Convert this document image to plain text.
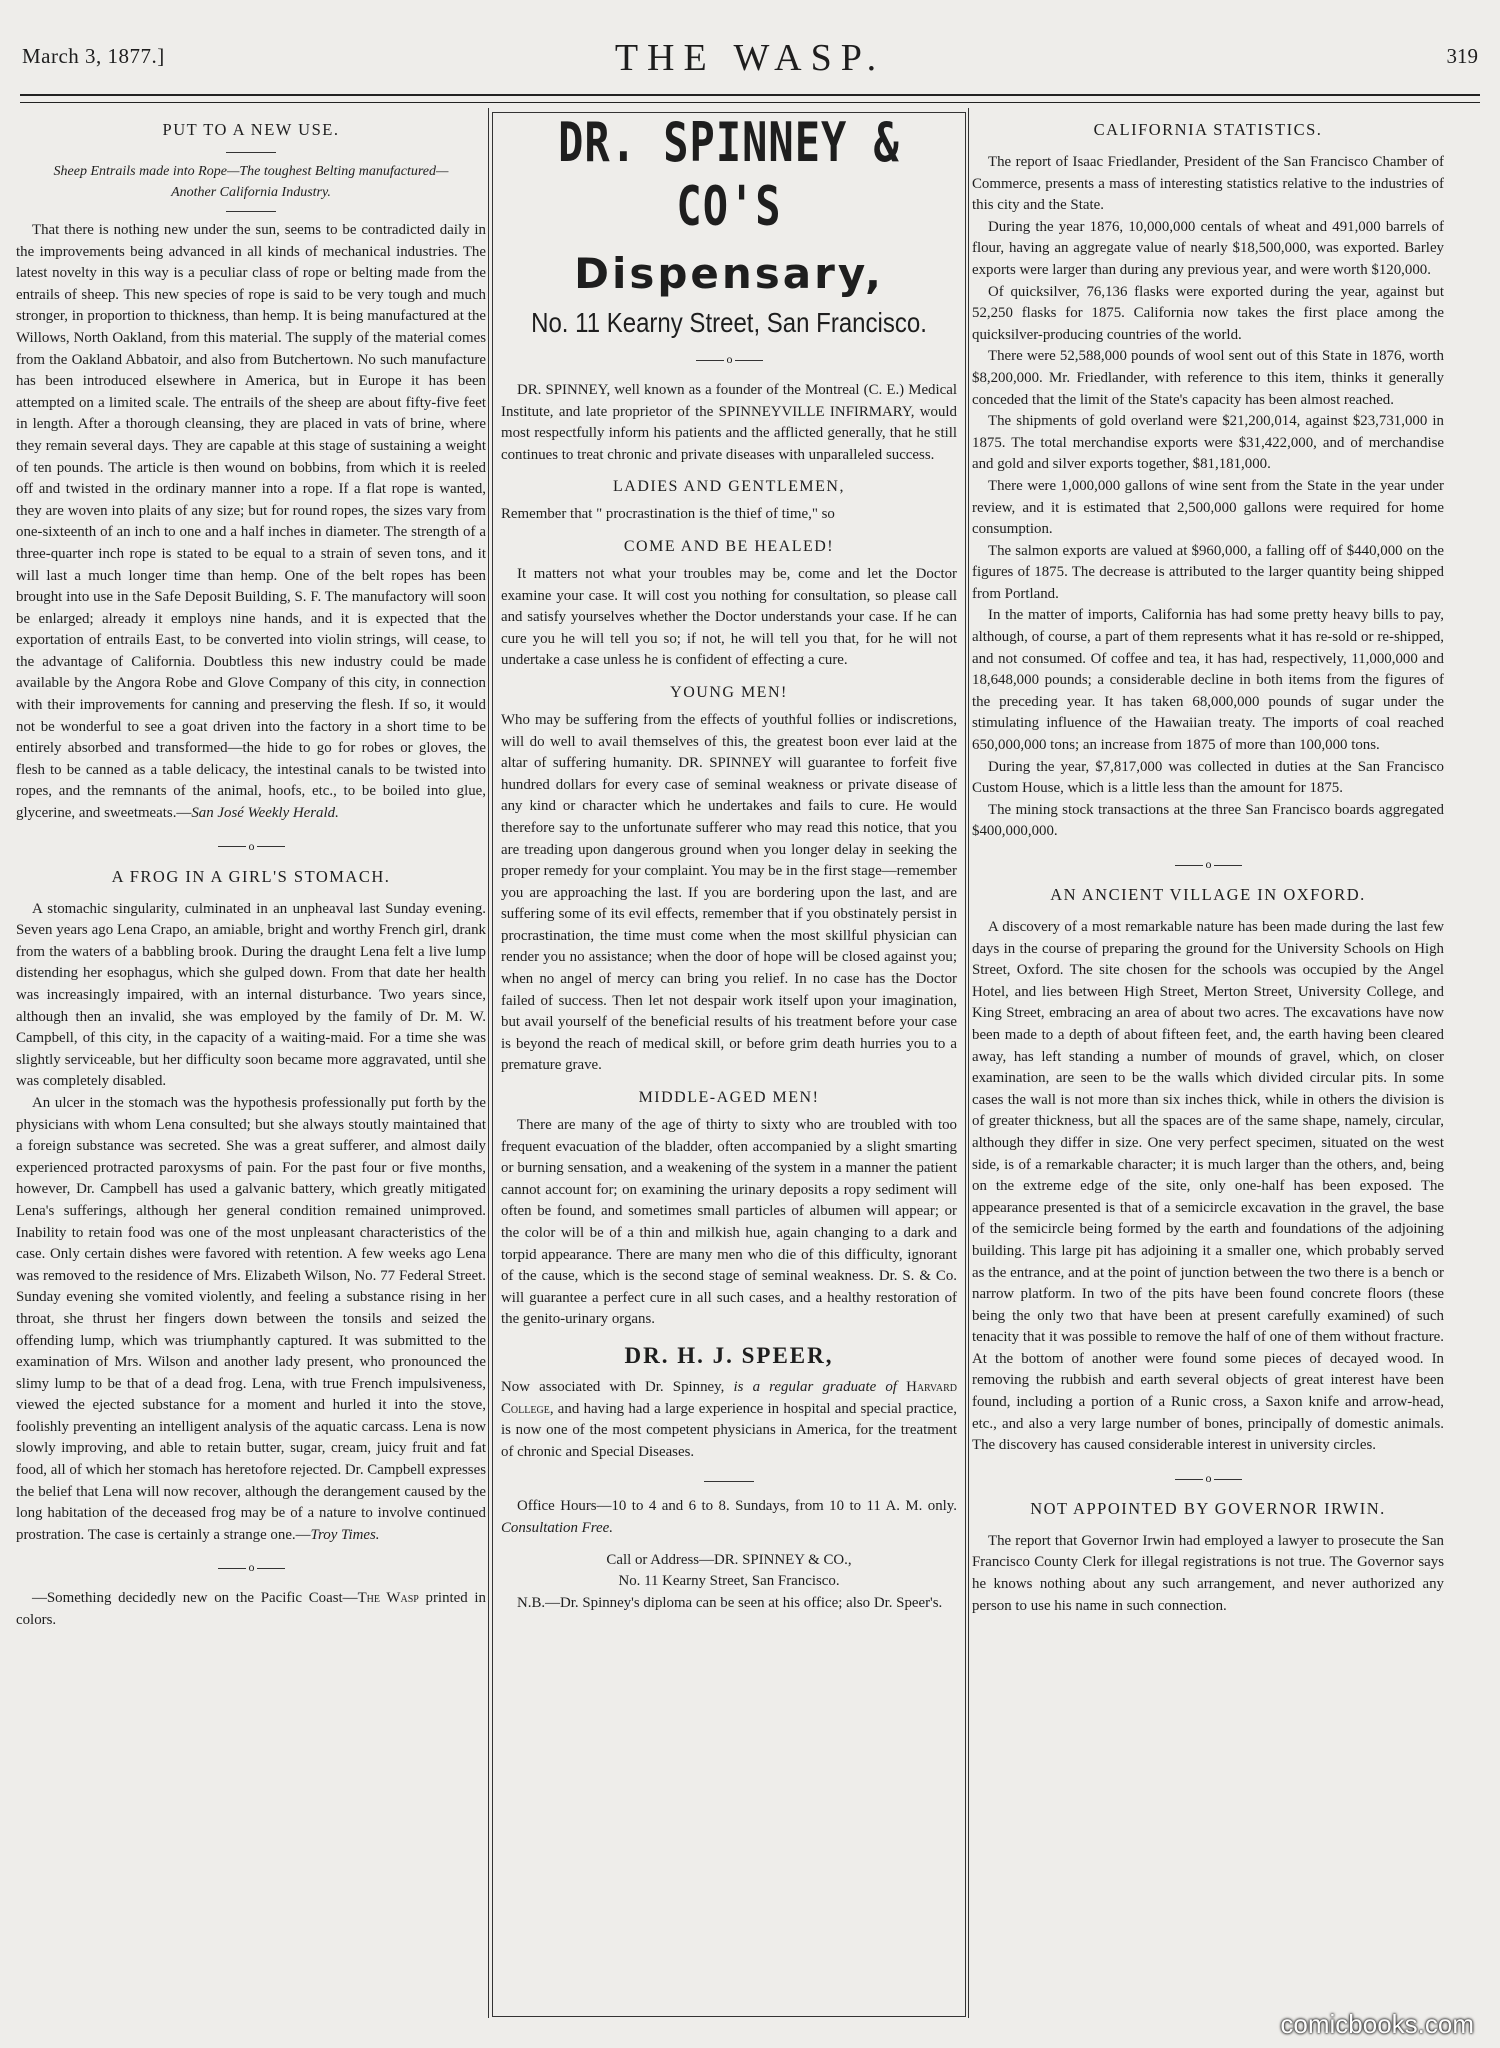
March 3, 1877.]	THE WASP.	319
PUT TO A NEW USE.

Sheep Entrails made into Rope—The toughest Belting manufactured—Another California Industry.

That there is nothing new under the sun, seems to be contradicted daily in the improvements being advanced in all kinds of mechanical industries. The latest novelty in this way is a peculiar class of rope or belting made from the entrails of sheep. This new species of rope is said to be very tough and much stronger, in proportion to thickness, than hemp. It is being manufactured at the Willows, North Oakland, from this material. The supply of the material comes from the Oakland Abbatoir, and also from Butchertown. No such manufacture has been introduced elsewhere in America, but in Europe it has been attempted on a limited scale. The entrails of the sheep are about fifty-five feet in length. After a thorough cleansing, they are placed in vats of brine, where they remain several days. They are capable at this stage of sustaining a weight of ten pounds. The article is then wound on bobbins, from which it is reeled off and twisted in the ordinary manner into a rope. If a flat rope is wanted, they are woven into plaits of any size; but for round ropes, the sizes vary from one-sixteenth of an inch to one and a half inches in diameter. The strength of a three-quarter inch rope is stated to be equal to a strain of seven tons, and it will last a much longer time than hemp. One of the belt ropes has been brought into use in the Safe Deposit Building, S. F. The manufactory will soon be enlarged; already it employs nine hands, and it is expected that the exportation of entrails East, to be converted into violin strings, will cease, to the advantage of California. Doubtless this new industry could be made available by the Angora Robe and Glove Company of this city, in connection with their improvements for canning and preserving the flesh. If so, it would not be wonderful to see a goat driven into the factory in a short time to be entirely absorbed and transformed—the hide to go for robes or gloves, the flesh to be canned as a table delicacy, the intestinal canals to be twisted into ropes, and the remnants of the animal, hoofs, etc., to be boiled into glue, glycerine, and sweetmeats.—San José Weekly Herald.

o
A FROG IN A GIRL'S STOMACH.

A stomachic singularity, culminated in an unpheaval last Sunday evening. Seven years ago Lena Crapo, an amiable, bright and worthy French girl, drank from the waters of a babbling brook. During the draught Lena felt a live lump distending her esophagus, which she gulped down. From that date her health was increasingly impaired, with an internal disturbance. Two years since, although then an invalid, she was employed by the family of Dr. M. W. Campbell, of this city, in the capacity of a waiting-maid. For a time she was slightly serviceable, but her difficulty soon became more aggravated, until she was completely disabled.

An ulcer in the stomach was the hypothesis professionally put forth by the physicians with whom Lena consulted; but she always stoutly maintained that a foreign substance was secreted. She was a great sufferer, and almost daily experienced protracted paroxysms of pain. For the past four or five months, however, Dr. Campbell has used a galvanic battery, which greatly mitigated Lena's sufferings, although her general condition remained unimproved. Inability to retain food was one of the most unpleasant characteristics of the case. Only certain dishes were favored with retention. A few weeks ago Lena was removed to the residence of Mrs. Elizabeth Wilson, No. 77 Federal Street. Sunday evening she vomited violently, and feeling a substance rising in her throat, she thrust her fingers down between the tonsils and seized the offending lump, which was triumphantly captured. It was submitted to the examination of Mrs. Wilson and another lady present, who pronounced the slimy lump to be that of a dead frog. Lena, with true French impulsiveness, viewed the ejected substance for a moment and hurled it into the stove, foolishly preventing an intelligent analysis of the aquatic carcass. Lena is now slowly improving, and able to retain butter, sugar, cream, juicy fruit and fat food, all of which her stomach has heretofore rejected. Dr. Campbell expresses the belief that Lena will now recover, although the derangement caused by the long habitation of the deceased frog may be of a nature to involve continued prostration. The case is certainly a strange one.—Troy Times.

o

—Something decidedly new on the Pacific Coast—The Wasp printed in colors.

DR. SPINNEY & CO'S
Dispensary,
No. 11 Kearny Street, San Francisco.
o

DR. SPINNEY, well known as a founder of the Montreal (C. E.) Medical Institute, and late proprietor of the SPINNEYVILLE INFIRMARY, would most respectfully inform his patients and the afflicted generally, that he still continues to treat chronic and private diseases with unparalleled success.

LADIES AND GENTLEMEN,

Remember that " procrastination is the thief of time," so

COME AND BE HEALED!

It matters not what your troubles may be, come and let the Doctor examine your case. It will cost you nothing for consultation, so please call and satisfy yourselves whether the Doctor understands your case. If he can cure you he will tell you so; if not, he will tell you that, for he will not undertake a case unless he is confident of effecting a cure.

YOUNG MEN!

Who may be suffering from the effects of youthful follies or indiscretions, will do well to avail themselves of this, the greatest boon ever laid at the altar of suffering humanity. DR. SPINNEY will guarantee to forfeit five hundred dollars for every case of seminal weakness or private disease of any kind or character which he undertakes and fails to cure. He would therefore say to the unfortunate sufferer who may read this notice, that you are treading upon dangerous ground when you longer delay in seeking the proper remedy for your complaint. You may be in the first stage—remember you are approaching the last. If you are bordering upon the last, and are suffering some of its evil effects, remember that if you obstinately persist in procrastination, the time must come when the most skillful physician can render you no assistance; when the door of hope will be closed against you; when no angel of mercy can bring you relief. In no case has the Doctor failed of success. Then let not despair work itself upon your imagination, but avail yourself of the beneficial results of his treatment before your case is beyond the reach of medical skill, or before grim death hurries you to a premature grave.

MIDDLE-AGED MEN!

There are many of the age of thirty to sixty who are troubled with too frequent evacuation of the bladder, often accompanied by a slight smarting or burning sensation, and a weakening of the system in a manner the patient cannot account for; on examining the urinary deposits a ropy sediment will often be found, and sometimes small particles of albumen will appear; or the color will be of a thin and milkish hue, again changing to a dark and torpid appearance. There are many men who die of this difficulty, ignorant of the cause, which is the second stage of seminal weakness. Dr. S. & Co. will guarantee a perfect cure in all such cases, and a healthy restoration of the genito-urinary organs.

DR. H. J. SPEER,

Now associated with Dr. Spinney, is a regular graduate of Harvard College, and having had a large experience in hospital and special practice, is now one of the most competent physicians in America, for the treatment of chronic and Special Diseases.

Office Hours—10 to 4 and 6 to 8. Sundays, from 10 to 11 A. M. only. Consultation Free.

Call or Address—DR. SPINNEY & CO.,

No. 11 Kearny Street, San Francisco.

N.B.—Dr. Spinney's diploma can be seen at his office; also Dr. Speer's.

CALIFORNIA STATISTICS.

The report of Isaac Friedlander, President of the San Francisco Chamber of Commerce, presents a mass of interesting statistics relative to the industries of this city and the State.

During the year 1876, 10,000,000 centals of wheat and 491,000 barrels of flour, having an aggregate value of nearly $18,500,000, was exported. Barley exports were larger than during any previous year, and were worth $120,000.

Of quicksilver, 76,136 flasks were exported during the year, against but 52,250 flasks for 1875. California now takes the first place among the quicksilver-producing countries of the world.

There were 52,588,000 pounds of wool sent out of this State in 1876, worth $8,200,000. Mr. Friedlander, with reference to this item, thinks it generally conceded that the limit of the State's capacity has been almost reached.

The shipments of gold overland were $21,200,014, against $23,731,000 in 1875. The total merchandise exports were $31,422,000, and of merchandise and gold and silver exports together, $81,181,000.

There were 1,000,000 gallons of wine sent from the State in the year under review, and it is estimated that 2,500,000 gallons were required for home consumption.

The salmon exports are valued at $960,000, a falling off of $440,000 on the figures of 1875. The decrease is attributed to the larger quantity being shipped from Portland.

In the matter of imports, California has had some pretty heavy bills to pay, although, of course, a part of them represents what it has re-sold or re-shipped, and not consumed. Of coffee and tea, it has had, respectively, 11,000,000 and 18,648,000 pounds; a considerable decline in both items from the figures of the preceding year. It has taken 68,000,000 pounds of sugar under the stimulating influence of the Hawaiian treaty. The imports of coal reached 650,000,000 tons; an increase from 1875 of more than 100,000 tons.

During the year, $7,817,000 was collected in duties at the San Francisco Custom House, which is a little less than the amount for 1875.

The mining stock transactions at the three San Francisco boards aggregated $400,000,000.

o
AN ANCIENT VILLAGE IN OXFORD.

A discovery of a most remarkable nature has been made during the last few days in the course of preparing the ground for the University Schools on High Street, Oxford. The site chosen for the schools was occupied by the Angel Hotel, and lies between High Street, Merton Street, University College, and King Street, embracing an area of about two acres. The excavations have now been made to a depth of about fifteen feet, and, the earth having been cleared away, has left standing a number of mounds of gravel, which, on closer examination, are seen to be the walls which divided circular pits. In some cases the wall is not more than six inches thick, while in others the division is of greater thickness, but all the spaces are of the same shape, namely, circular, although they differ in size. One very perfect specimen, situated on the west side, is of a remarkable character; it is much larger than the others, and, being on the extreme edge of the site, only one-half has been exposed. The appearance presented is that of a semicircle excavation in the gravel, the base of the semicircle being formed by the earth and foundations of the adjoining building. This large pit has adjoining it a smaller one, which probably served as the entrance, and at the point of junction between the two there is a bench or narrow platform. In two of the pits have been found concrete floors (these being the only two that have been at present carefully examined) of such tenacity that it was possible to remove the half of one of them without fracture. At the bottom of another were found some pieces of decayed wood. In removing the rubbish and earth several objects of great interest have been found, including a portion of a Runic cross, a Saxon knife and arrow-head, etc., and also a very large number of bones, principally of domestic animals. The discovery has caused considerable interest in university circles.

o
NOT APPOINTED BY GOVERNOR IRWIN.

The report that Governor Irwin had employed a lawyer to prosecute the San Francisco County Clerk for illegal registrations is not true. The Governor says he knows nothing about any such arrangement, and never authorized any person to use his name in such connection.

comicbooks.com
